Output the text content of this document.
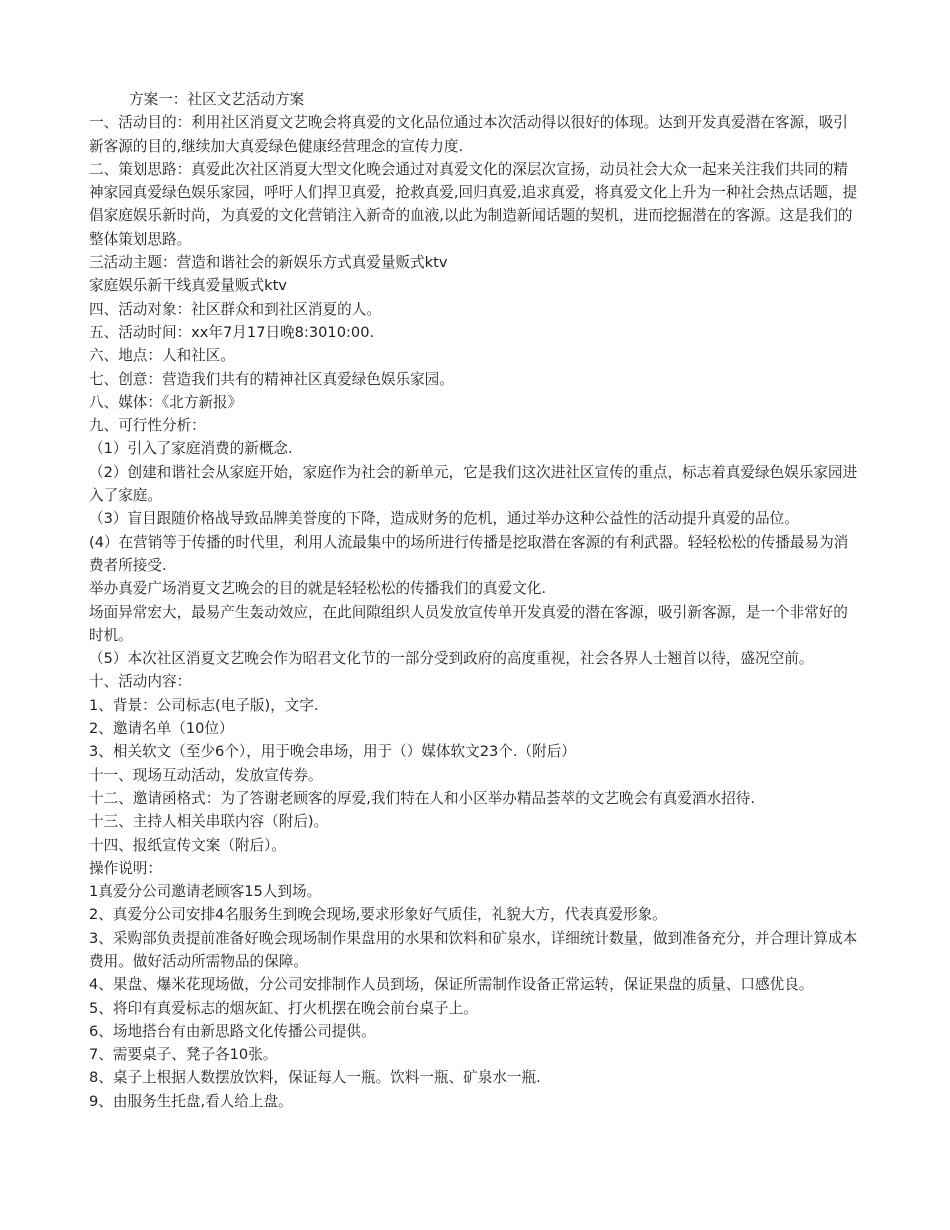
方案一：社区文艺活动方案

一、活动目的：利用社区消夏文艺晚会将真爱的文化品位通过本次活动得以很好的体现。达到开发真爱潜在客源，吸引新客源的目的,继续加大真爱绿色健康经营理念的宣传力度.

二、策划思路：真爱此次社区消夏大型文化晚会通过对真爱文化的深层次宣扬，动员社会大众一起来关注我们共同的精神家园真爱绿色娱乐家园，呼吁人们捍卫真爱，抢救真爱,回归真爱,追求真爱，将真爱文化上升为一种社会热点话题，提倡家庭娱乐新时尚，为真爱的文化营销注入新奇的血液,以此为制造新闻话题的契机，进而挖掘潜在的客源。这是我们的整体策划思路。

三活动主题：营造和谐社会的新娱乐方式真爱量贩式ktv

家庭娱乐新干线真爱量贩式ktv

四、活动对象：社区群众和到社区消夏的人。

五、活动时间：xx年7月17日晚8:3010:00.

六、地点：人和社区。

七、创意：营造我们共有的精神社区真爱绿色娱乐家园。

八、媒体：《北方新报》

九、可行性分析：

（1）引入了家庭消费的新概念.

（2）创建和谐社会从家庭开始，家庭作为社会的新单元，它是我们这次进社区宣传的重点，标志着真爱绿色娱乐家园进入了家庭。

（3）盲目跟随价格战导致品牌美誉度的下降，造成财务的危机，通过举办这种公益性的活动提升真爱的品位。

(4）在营销等于传播的时代里，利用人流最集中的场所进行传播是挖取潜在客源的有利武器。轻轻松松的传播最易为消费者所接受.

举办真爱广场消夏文艺晚会的目的就是轻轻松松的传播我们的真爱文化.

场面异常宏大，最易产生轰动效应，在此间隙组织人员发放宣传单开发真爱的潜在客源，吸引新客源，是一个非常好的时机。

（5）本次社区消夏文艺晚会作为昭君文化节的一部分受到政府的高度重视，社会各界人士翘首以待，盛况空前。

十、活动内容：

1、背景：公司标志(电子版)，文字.

2、邀请名单（10位）

3、相关软文（至少6个），用于晚会串场，用于（）媒体软文23个.（附后）

十一、现场互动活动，发放宣传券。

十二、邀请函格式：为了答谢老顾客的厚爱,我们特在人和小区举办精品荟萃的文艺晚会有真爱酒水招待.

十三、主持人相关串联内容（附后)。

十四、报纸宣传文案（附后）。

操作说明：

1真爱分公司邀请老顾客15人到场。

2、真爱分公司安排4名服务生到晚会现场,要求形象好气质佳，礼貌大方，代表真爱形象。

3、采购部负责提前准备好晚会现场制作果盘用的水果和饮料和矿泉水，详细统计数量，做到准备充分，并合理计算成本费用。做好活动所需物品的保障。

4、果盘、爆米花现场做，分公司安排制作人员到场，保证所需制作设备正常运转，保证果盘的质量、口感优良。

5、将印有真爱标志的烟灰缸、打火机摆在晚会前台桌子上。

6、场地搭台有由新思路文化传播公司提供。

7、需要桌子、凳子各10张。

8、桌子上根据人数摆放饮料，保证每人一瓶。饮料一瓶、矿泉水一瓶.

9、由服务生托盘,看人给上盘。
